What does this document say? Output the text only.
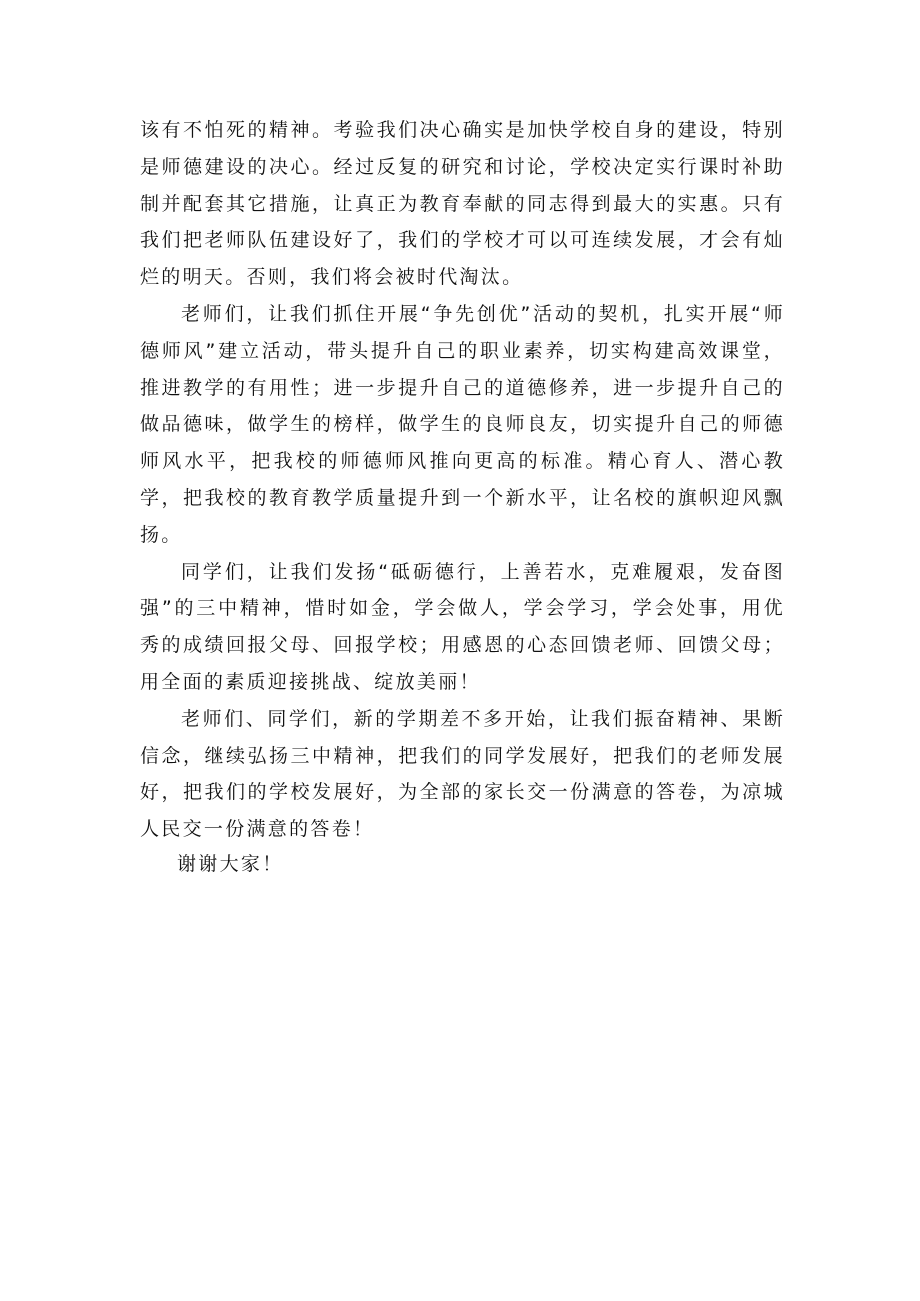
该有不怕死的精神。考验我们决心确实是加快学校自身的建设，特别是师德建设的决心。经过反复的研究和讨论，学校决定实行课时补助制并配套其它措施，让真正为教育奉献的同志得到最大的实惠。只有我们把老师队伍建设好了，我们的学校才可以可连续发展，才会有灿烂的明天。否则，我们将会被时代淘汰。

老师们，让我们抓住开展“争先创优”活动的契机，扎实开展“师德师风”建立活动，带头提升自己的职业素养，切实构建高效课堂，推进教学的有用性；进一步提升自己的道德修养，进一步提升自己的做品德味，做学生的榜样，做学生的良师良友，切实提升自己的师德师风水平，把我校的师德师风推向更高的标准。精心育人、潜心教学，把我校的教育教学质量提升到一个新水平，让名校的旗帜迎风飘扬。

同学们，让我们发扬“砥砺德行，上善若水，克难履艰，发奋图强”的三中精神，惜时如金，学会做人，学会学习，学会处事，用优秀的成绩回报父母、回报学校；用感恩的心态回馈老师、回馈父母；用全面的素质迎接挑战、绽放美丽！

老师们、同学们，新的学期差不多开始，让我们振奋精神、果断信念，继续弘扬三中精神，把我们的同学发展好，把我们的老师发展好，把我们的学校发展好，为全部的家长交一份满意的答卷，为凉城人民交一份满意的答卷！

谢谢大家！
